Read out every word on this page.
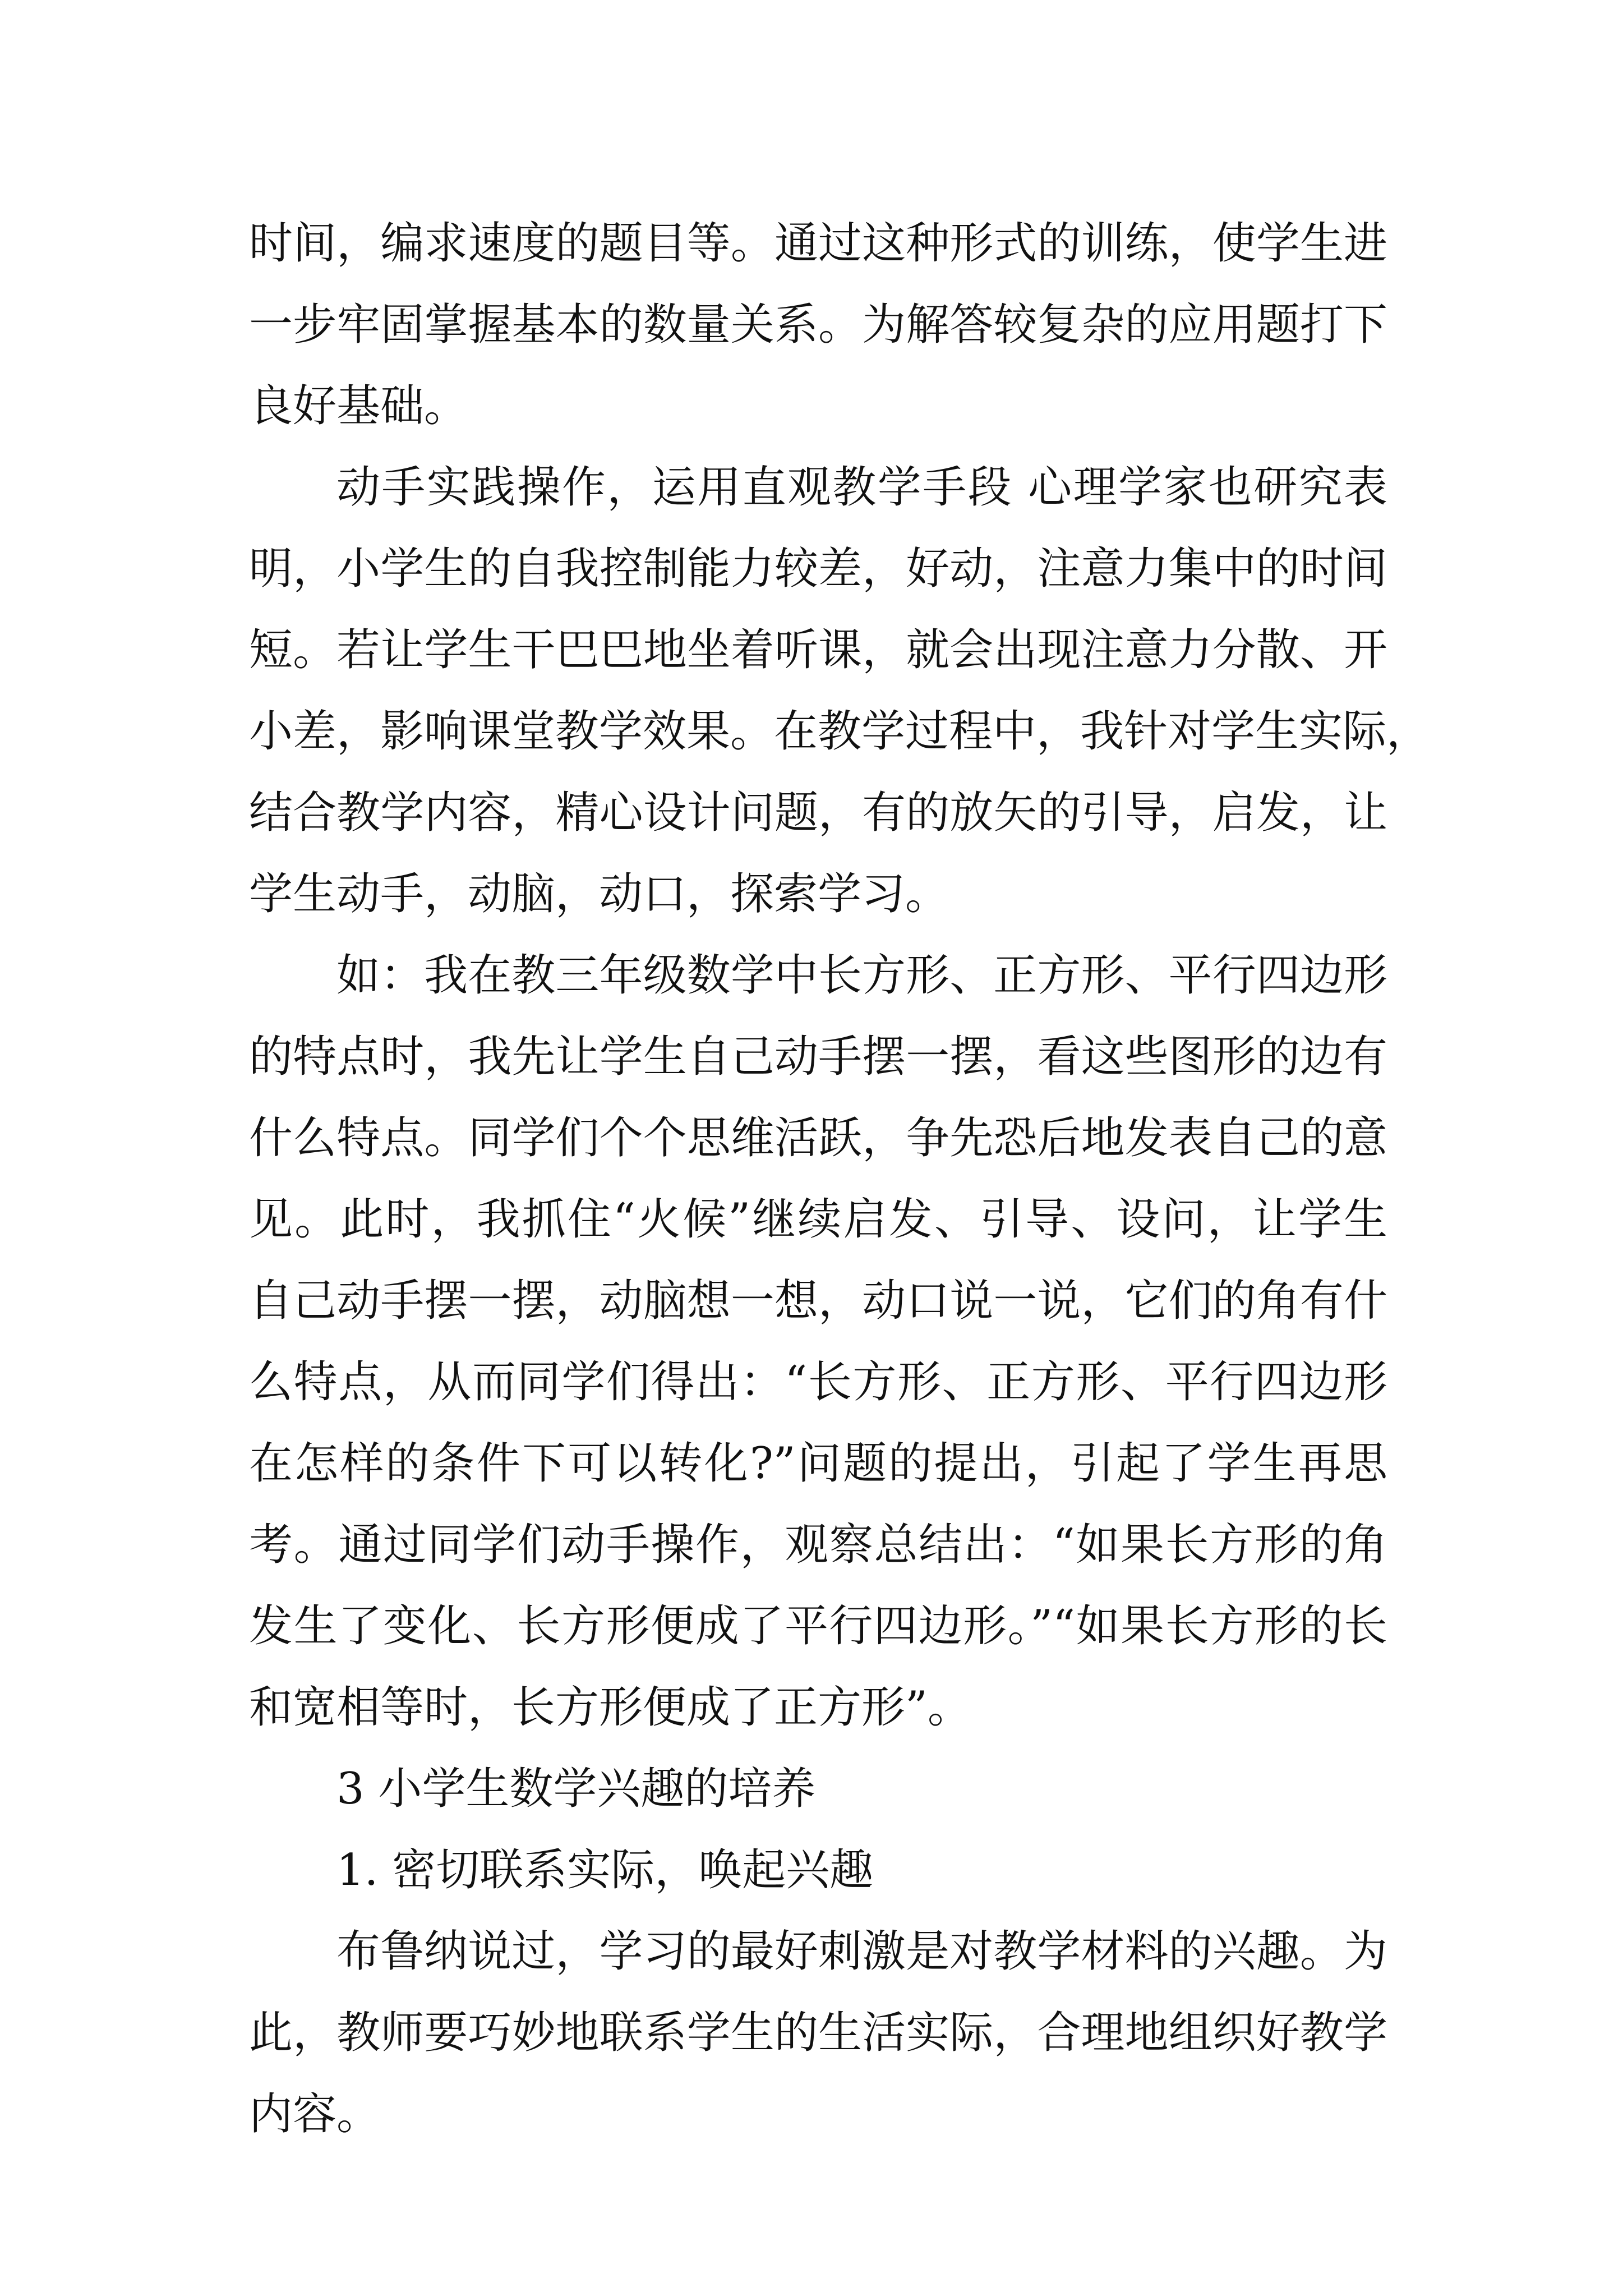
时间，编求速度的题目等。通过这种形式的训练，使学生进
一步牢固掌握基本的数量关系。为解答较复杂的应用题打下
良好基础。
动手实践操作，运用直观教学手段 心理学家也研究表
明，小学生的自我控制能力较差，好动，注意力集中的时间
短。若让学生干巴巴地坐着听课，就会出现注意力分散、开
小差，影响课堂教学效果。在教学过程中，我针对学生实际，
结合教学内容，精心设计问题，有的放矢的引导，启发，让
学生动手，动脑，动口，探索学习。
如：我在教三年级数学中长方形、正方形、平行四边形
的特点时，我先让学生自己动手摆一摆，看这些图形的边有
什么特点。同学们个个思维活跃，争先恐后地发表自己的意
见。此时，我抓住“火候”继续启发、引导、设问，让学生
自己动手摆一摆，动脑想一想，动口说一说，它们的角有什
么特点，从而同学们得出：“长方形、正方形、平行四边形
在怎样的条件下可以转化?”问题的提出，引起了学生再思
考。通过同学们动手操作，观察总结出：“如果长方形的角
发生了变化、长方形便成了平行四边形。”“如果长方形的长
和宽相等时，长方形便成了正方形”。
3 小学生数学兴趣的培养
1. 密切联系实际，唤起兴趣
布鲁纳说过，学习的最好刺激是对教学材料的兴趣。为
此，教师要巧妙地联系学生的生活实际，合理地组织好教学
内容。
